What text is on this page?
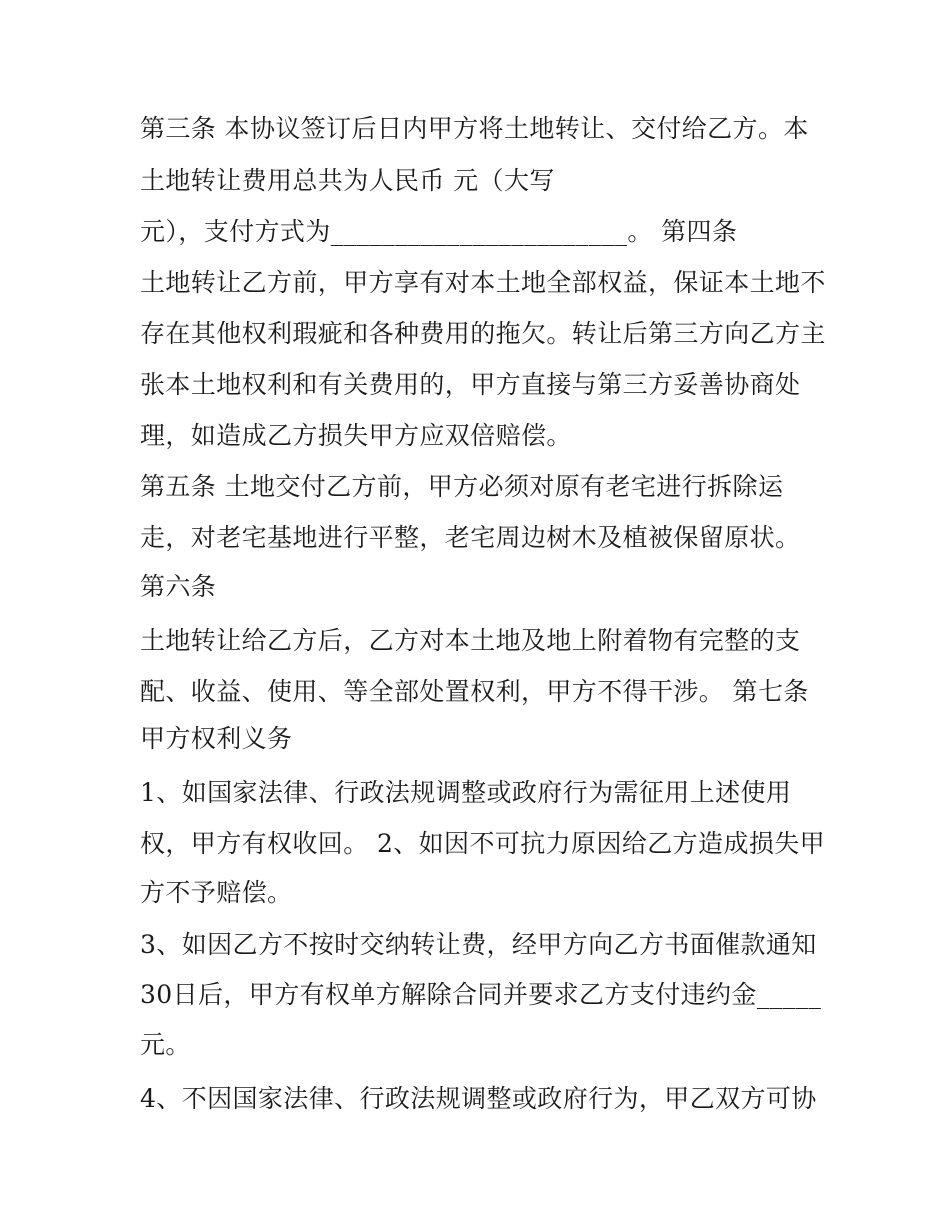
第三条 本协议签订后日内甲方将土地转让、交付给乙方。本
土地转让费用总共为人民币 元（大写
元），支付方式为_______________________。 第四条
土地转让乙方前，甲方享有对本土地全部权益，保证本土地不
存在其他权利瑕疵和各种费用的拖欠。转让后第三方向乙方主
张本土地权利和有关费用的，甲方直接与第三方妥善协商处
理，如造成乙方损失甲方应双倍赔偿。
第五条 土地交付乙方前，甲方必须对原有老宅进行拆除运
走，对老宅基地进行平整，老宅周边树木及植被保留原状。
第六条
土地转让给乙方后，乙方对本土地及地上附着物有完整的支
配、收益、使用、等全部处置权利，甲方不得干涉。 第七条
甲方权利义务
1、如国家法律、行政法规调整或政府行为需征用上述使用
权，甲方有权收回。 2、如因不可抗力原因给乙方造成损失甲
方不予赔偿。
3、如因乙方不按时交纳转让费，经甲方向乙方书面催款通知
30日后，甲方有权单方解除合同并要求乙方支付违约金_____
元。
4、不因国家法律、行政法规调整或政府行为，甲乙双方可协
